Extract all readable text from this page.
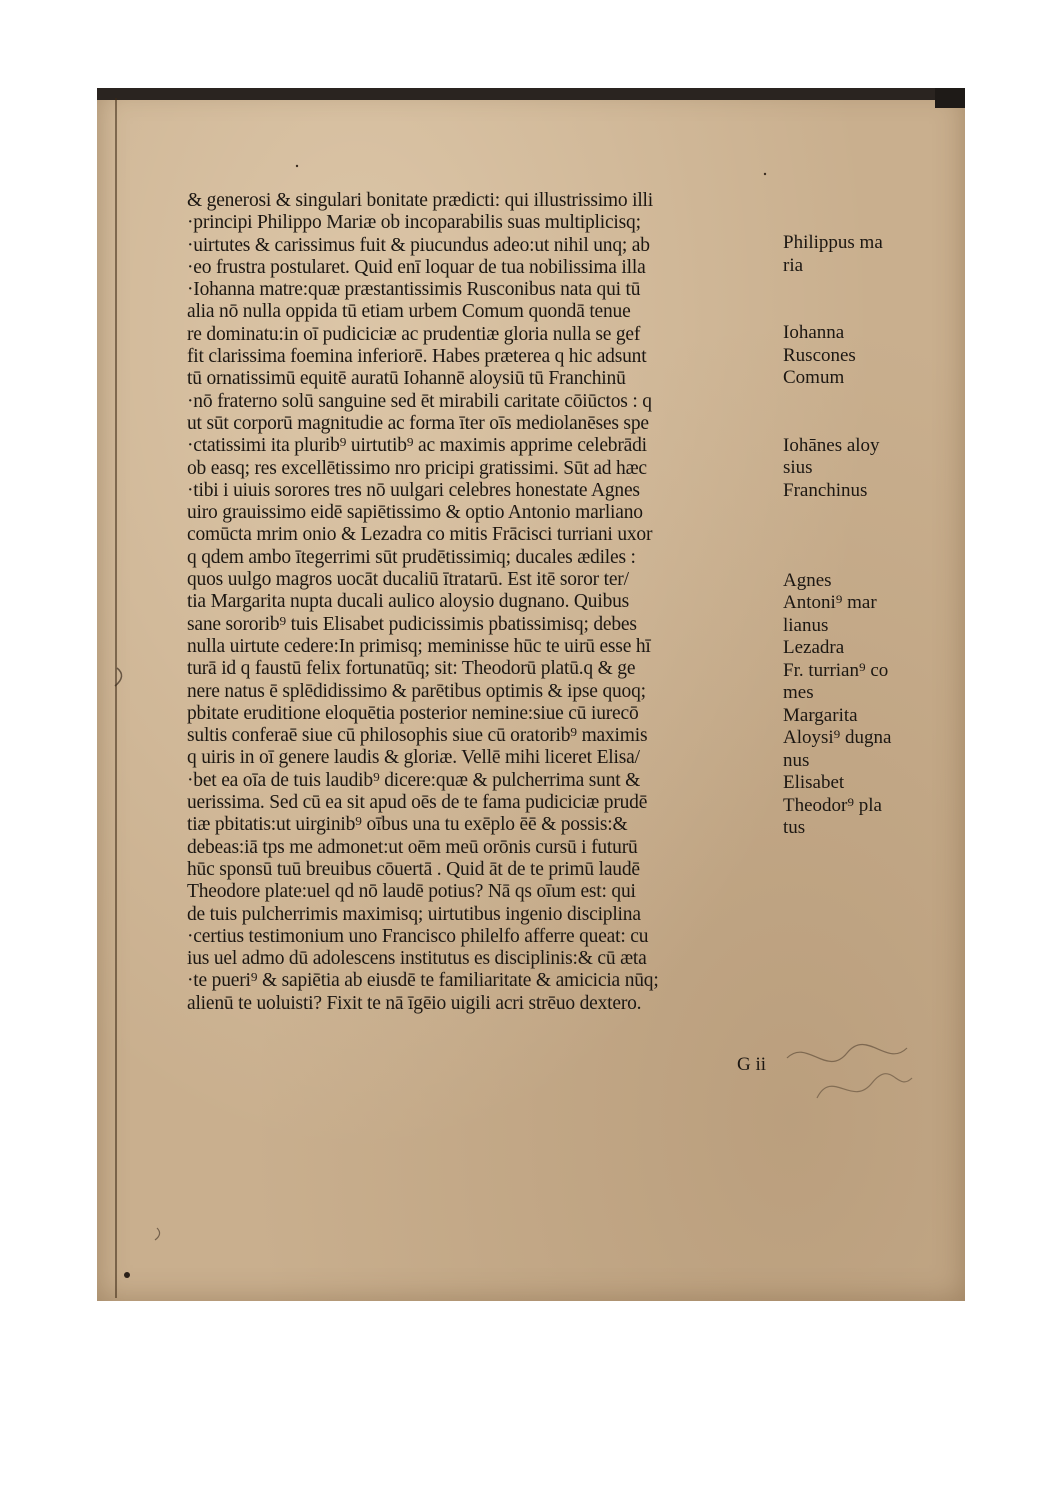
& generosi & singulari bonitate prædicti: qui illustrissimo illi
·principi Philippo Mariæ ob incoparabilis suas multiplicisq;
·uirtutes & carissimus fuit & piucundus adeo:ut nihil unq; ab
·eo frustra postularet. Quid enī loquar de tua nobilissima illa
·Iohanna matre:quæ præstantissimis Rusconibus nata qui tū
alia nō nulla oppida tū etiam urbem Comum quondā tenue
re dominatu:in oī pudiciciæ ac prudentiæ gloria nulla se gef
fit clarissima foemina inferiorē. Habes præterea q hic adsunt
tū ornatissimū equitē auratū Iohannē aloysiū tū Franchinū
·nō fraterno solū sanguine sed ēt mirabili caritate cōiūctos : q
ut sūt corporū magnitudie ac forma īter oīs mediolanēses spe
·ctatissimi ita plurib⁹ uirtutib⁹ ac maximis apprime celebrādi
ob easq; res excellētissimo nro pricipi gratissimi. Sūt ad hæc
·tibi i uiuis sorores tres nō uulgari celebres honestate Agnes
uiro grauissimo eidē sapiētissimo & optio Antonio marliano
comūcta mrim onio & Lezadra co mitis Frācisci turriani uxor
q qdem ambo ītegerrimi sūt prudētissimiq; ducales ædiles :
quos uulgo magros uocāt ducaliū ītratarū. Est itē soror ter/
tia Margarita nupta ducali aulico aloysio dugnano. Quibus
sane sororib⁹ tuis Elisabet pudicissimis pbatissimisq; debes
nulla uirtute cedere:In primisq; meminisse hūc te uirū esse hī
turā id q faustū felix fortunatūq; sit: Theodorū platū.q & ge
nere natus ē splēdidissimo & parētibus optimis & ipse quoq;
pbitate eruditione eloquētia posterior nemine:siue cū iurecō
sultis conferaē siue cū philosophis siue cū oratorib⁹ maximis
q uiris in oī genere laudis & gloriæ. Vellē mihi liceret Elisa/
·bet ea oīa de tuis laudib⁹ dicere:quæ & pulcherrima sunt &
uerissima. Sed cū ea sit apud oēs de te fama pudiciciæ prudē
tiæ pbitatis:ut uirginib⁹ oībus una tu exēplo ēē & possis:&
debeas:iā tps me admonet:ut oēm meū orōnis cursū i futurū
hūc sponsū tuū breuibus cōuertā . Quid āt de te primū laudē
Theodore plate:uel qd nō laudē potius? Nā qs oīum est: qui
de tuis pulcherrimis maximisq; uirtutibus ingenio disciplina
·certius testimonium uno Francisco philelfo afferre queat: cu
ius uel admo dū adolescens institutus es disciplinis:& cū æta
·te pueri⁹ & sapiētia ab eiusdē te familiaritate & amicicia nūq;
alienū te uoluisti? Fixit te nā īgēio uigili acri strēuo dextero.
Philippus ma
ria
Iohanna
Ruscones
Comum
Iohānes aloy
sius
Franchinus
Agnes
Antoni⁹ mar
lianus
Lezadra
Fr. turrian⁹ co
mes
Margarita
Aloysi⁹ dugna
nus
Elisabet
Theodor⁹ pla
tus
G ii
